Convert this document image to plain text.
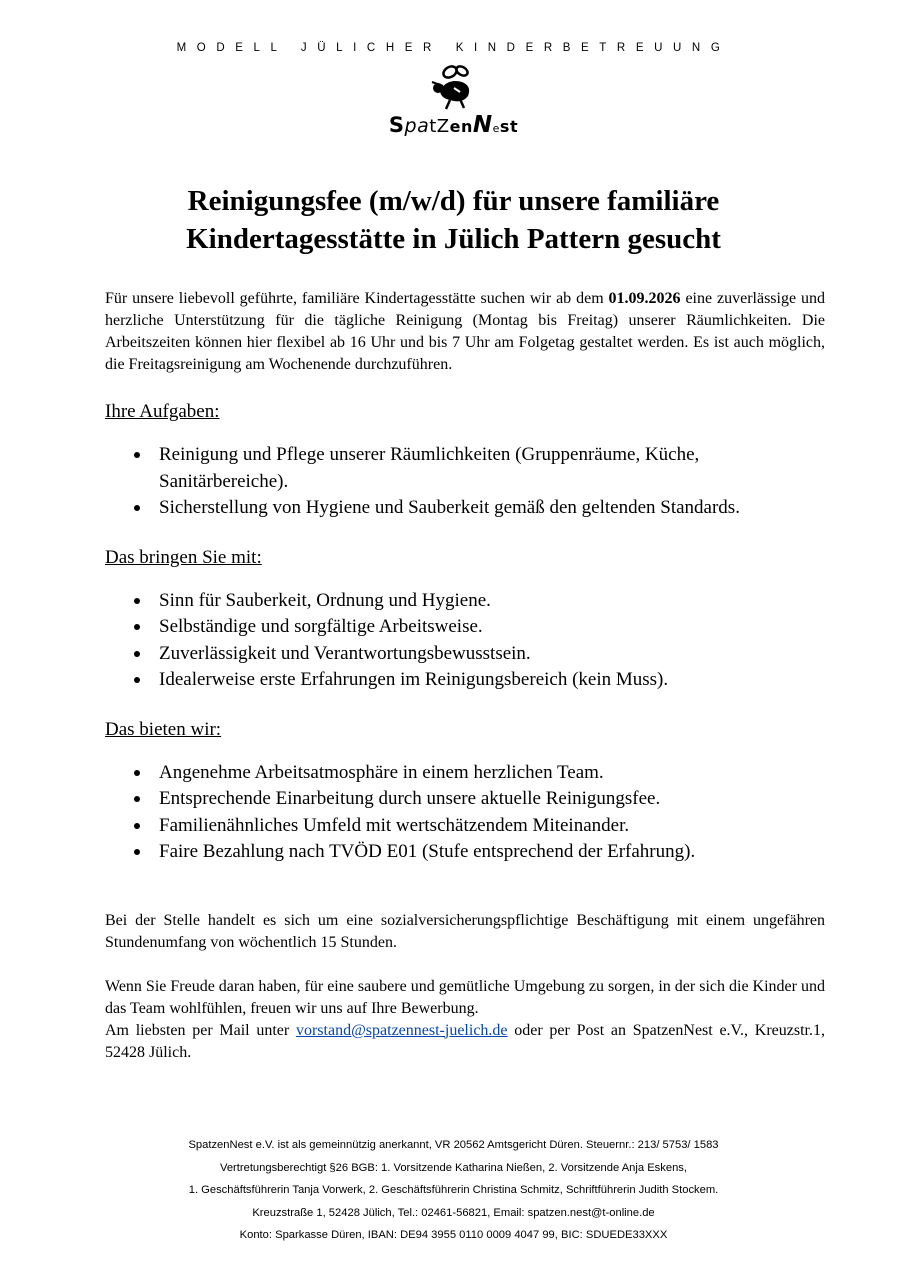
MODELL JÜLICHER KINDERBETREUUNG
SpatZenNest
Reinigungsfee (m/w/d) für unsere familiäre
Kindertagesstätte in Jülich Pattern gesucht

Für unsere liebevoll geführte, familiäre Kindertagesstätte suchen wir ab dem 01.09.2026 eine zuverlässige und herzliche Unterstützung für die tägliche Reinigung (Montag bis Freitag) unserer Räumlichkeiten. Die Arbeitszeiten können hier flexibel ab 16 Uhr und bis 7 Uhr am Folgetag gestaltet werden. Es ist auch möglich, die Freitagsreinigung am Wochenende durchzuführen.

Ihre Aufgaben:

Reinigung und Pflege unserer Räumlichkeiten (Gruppenräume, Küche, Sanitärbereiche).
Sicherstellung von Hygiene und Sauberkeit gemäß den geltenden Standards.

Das bringen Sie mit:

Sinn für Sauberkeit, Ordnung und Hygiene.
Selbständige und sorgfältige Arbeitsweise.
Zuverlässigkeit und Verantwortungsbewusstsein.
Idealerweise erste Erfahrungen im Reinigungsbereich (kein Muss).

Das bieten wir:

Angenehme Arbeitsatmosphäre in einem herzlichen Team.
Entsprechende Einarbeitung durch unsere aktuelle Reinigungsfee.
Familienähnliches Umfeld mit wertschätzendem Miteinander.
Faire Bezahlung nach TVÖD E01 (Stufe entsprechend der Erfahrung).

Bei der Stelle handelt es sich um eine sozialversicherungspflichtige Beschäftigung mit einem ungefähren Stundenumfang von wöchentlich 15 Stunden.

Wenn Sie Freude daran haben, für eine saubere und gemütliche Umgebung zu sorgen, in der sich die Kinder und das Team wohlfühlen, freuen wir uns auf Ihre Bewerbung.

Am liebsten per Mail unter vorstand@spatzennest-juelich.de oder per Post an SpatzenNest e.V., Kreuzstr.1, 52428 Jülich.

SpatzenNest e.V. ist als gemeinnützig anerkannt, VR 20562 Amtsgericht Düren. Steuernr.: 213/ 5753/ 1583
Vertretungsberechtigt §26 BGB: 1. Vorsitzende Katharina Nießen, 2. Vorsitzende Anja Eskens,
1. Geschäftsführerin Tanja Vorwerk, 2. Geschäftsführerin Christina Schmitz, Schriftführerin Judith Stockem.
Kreuzstraße 1, 52428 Jülich, Tel.: 02461-56821, Email: spatzen.nest@t-online.de
Konto: Sparkasse Düren, IBAN: DE94 3955 0110 0009 4047 99, BIC: SDUEDE33XXX
